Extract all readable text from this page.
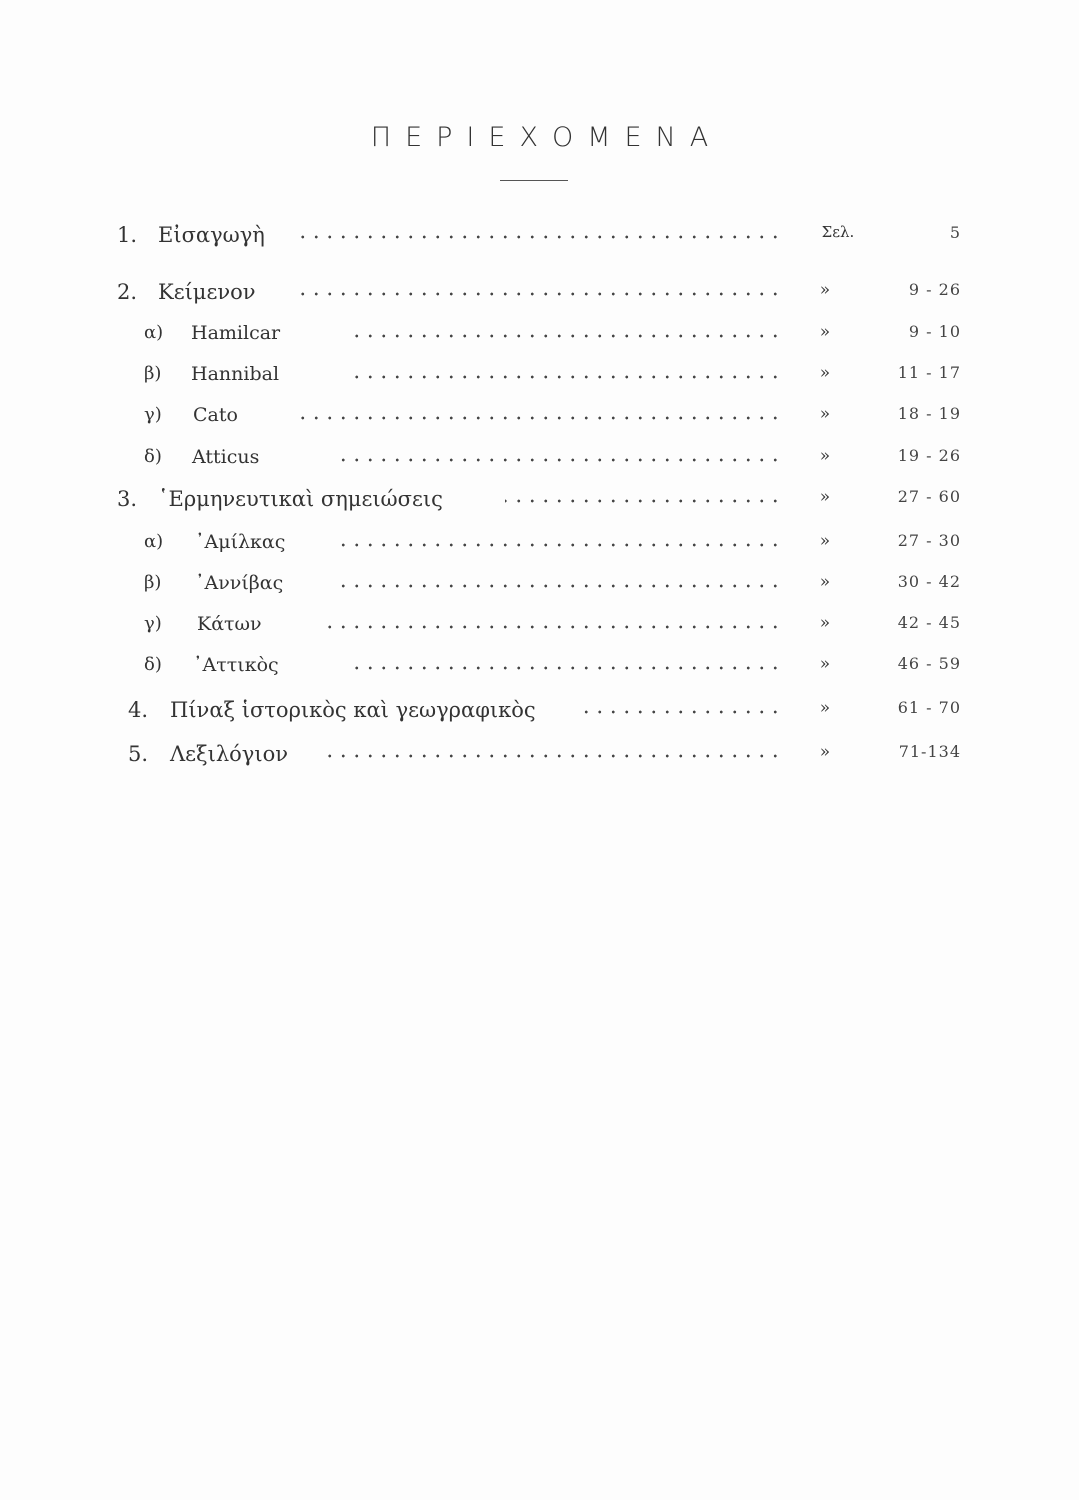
ΠΕΡΙΕΧΟΜΕΝΑ
1. Εἰσαγωγὴ	Σελ.	5
2. Κείμενον	»	9 - 26
α) Hamilcar	»	9 - 10
β) Hannibal	»	11 - 17
γ) Cato	»	18 - 19
δ) Atticus	»	19 - 26
3. ῾Ερμηνευτικαὶ σημειώσεις	»	27 - 60
α) ᾿Αμίλκας	»	27 - 30
β) ᾿Αννίβας	»	30 - 42
γ) Κάτων	»	42 - 45
δ) ᾿Αττικὸς	»	46 - 59
4. Πίναξ ἱστορικὸς καὶ γεωγραφικὸς	»	61 - 70
5. Λεξιλόγιον	»	71-134
